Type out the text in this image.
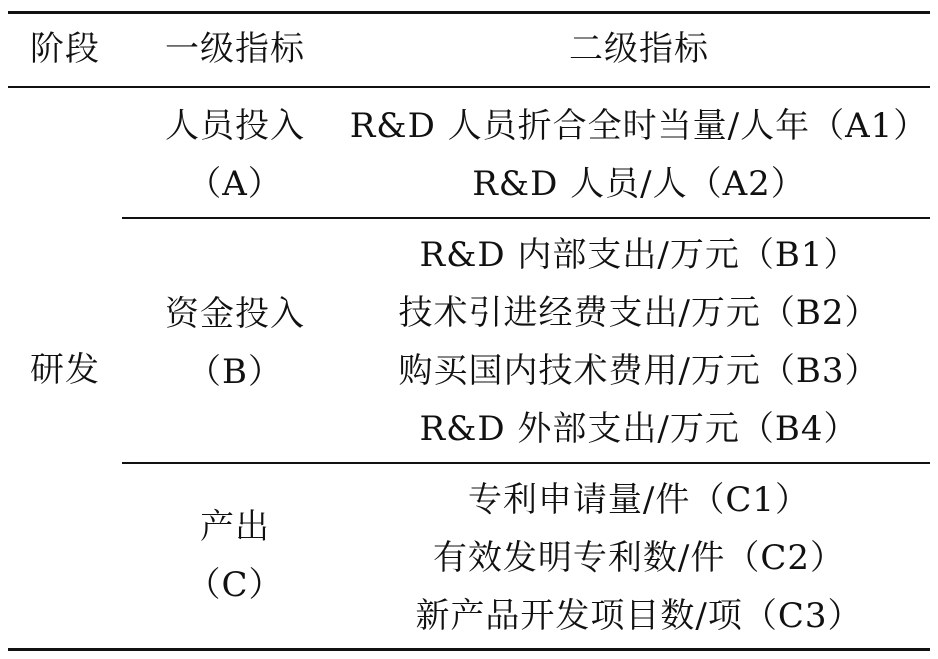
阶段	一级指标	二级指标
研发
人员投入
（A）
R&D 人员折合全时当量/人年（A1）
R&D 人员/人（A2）
资金投入
（B）
R&D 内部支出/万元（B1）
技术引进经费支出/万元（B2）
购买国内技术费用/万元（B3）
R&D 外部支出/万元（B4）
产出
（C）
专利申请量/件（C1）
有效发明专利数/件（C2）
新产品开发项目数/项（C3）
